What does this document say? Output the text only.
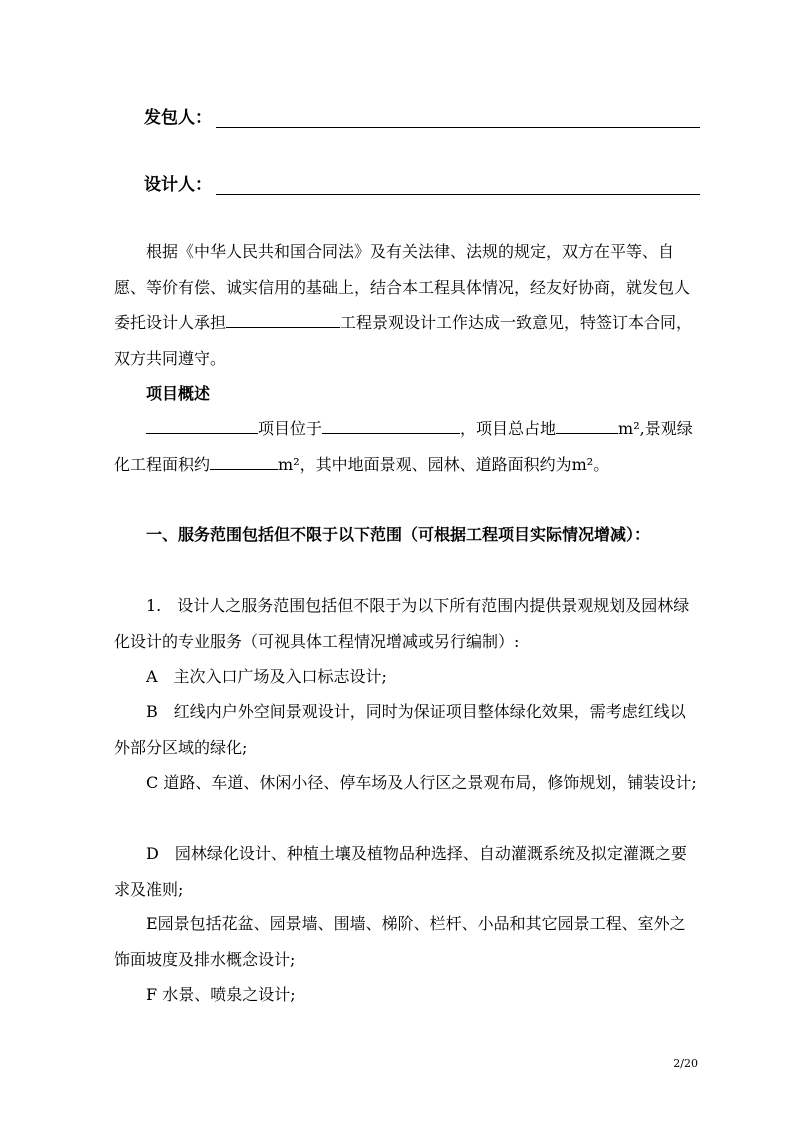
发包人：
设计人：

根据《中华人民共和国合同法》及有关法律、法规的规定，双方在平等、自愿、等价有偿、诚实信用的基础上，结合本工程具体情况，经友好协商，就发包人委托设计人承担	工程景观设计工作达成一致意见，特签订本合同，双方共同遵守。

项目概述

项目位于	，项目总占地	m²,景观绿化工程面积约	m²，其中地面景观、园林、道路面积约为m²。

一、服务范围包括但不限于以下范围（可根据工程项目实际情况增减）：

1.　设计人之服务范围包括但不限于为以下所有范围内提供景观规划及园林绿化设计的专业服务（可视具体工程情况增减或另行编制）:

A　主次入口广场及入口标志设计;

B　红线内户外空间景观设计，同时为保证项目整体绿化效果，需考虑红线以外部分区域的绿化;

C 道路、车道、休闲小径、停车场及人行区之景观布局，修饰规划，铺装设计;

D　园林绿化设计、种植土壤及植物品种选择、自动灌溉系统及拟定灌溉之要求及准则;

E园景包括花盆、园景墙、围墙、梯阶、栏杆、小品和其它园景工程、室外之饰面坡度及排水概念设计;

F 水景、喷泉之设计;

2/20
